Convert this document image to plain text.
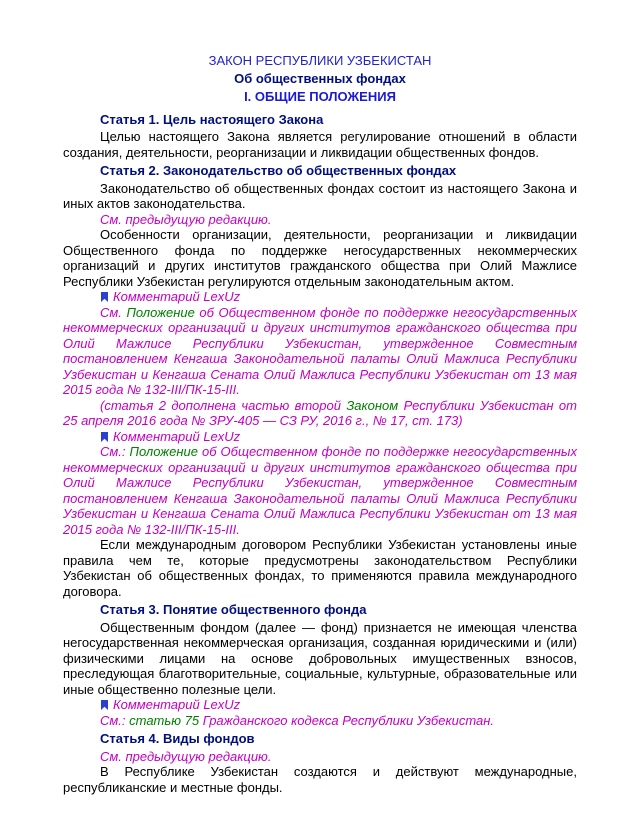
ЗАКОН РЕСПУБЛИКИ УЗБЕКИСТАН

Об общественных фондах

I. ОБЩИЕ ПОЛОЖЕНИЯ

Статья 1. Цель настоящего Закона

Целью настоящего Закона является регулирование отношений в области создания, деятельности, реорганизации и ликвидации общественных фондов.

Статья 2. Законодательство об общественных фондах

Законодательство об общественных фондах состоит из настоящего Закона и иных актов законодательства.

См. предыдущую редакцию.

Особенности организации, деятельности, реорганизации и ликвидации Общественного фонда по поддержке негосударственных некоммерческих организаций и других институтов гражданского общества при Олий Мажлисе Республики Узбекистан регулируются отдельным законодательным актом.

Комментарий LexUz

См. Положение об Общественном фонде по поддержке негосударственных некоммерческих организаций и других институтов гражданского общества при Олий Мажлисе Республики Узбекистан, утвержденное Совместным постановлением Кенгаша Законодательной палаты Олий Мажлиса Республики Узбекистан и Кенгаша Сената Олий Мажлиса Республики Узбекистан от 13 мая 2015 года № 132-III/ПК-15-III.

(статья 2 дополнена частью второй Законом Республики Узбекистан от 25 апреля 2016 года № ЗРУ-405 — СЗ РУ, 2016 г., № 17, ст. 173)

Комментарий LexUz

См.: Положение об Общественном фонде по поддержке негосударственных некоммерческих организаций и других институтов гражданского общества при Олий Мажлисе Республики Узбекистан, утвержденное Совместным постановлением Кенгаша Законодательной палаты Олий Мажлиса Республики Узбекистан и Кенгаша Сената Олий Мажлиса Республики Узбекистан от 13 мая 2015 года № 132-III/ПК-15-III.

Если международным договором Республики Узбекистан установлены иные правила чем те, которые предусмотрены законодательством Республики Узбекистан об общественных фондах, то применяются правила международного договора.

Статья 3. Понятие общественного фонда

Общественным фондом (далее — фонд) признается не имеющая членства негосударственная некоммерческая организация, созданная юридическими и (или) физическими лицами на основе добровольных имущественных взносов, преследующая благотворительные, социальные, культурные, образовательные или иные общественно полезные цели.

Комментарий LexUz

См.: статью 75 Гражданского кодекса Республики Узбекистан.

Статья 4. Виды фондов

См. предыдущую редакцию.

В Республике Узбекистан создаются и действуют международные, республиканские и местные фонды.
